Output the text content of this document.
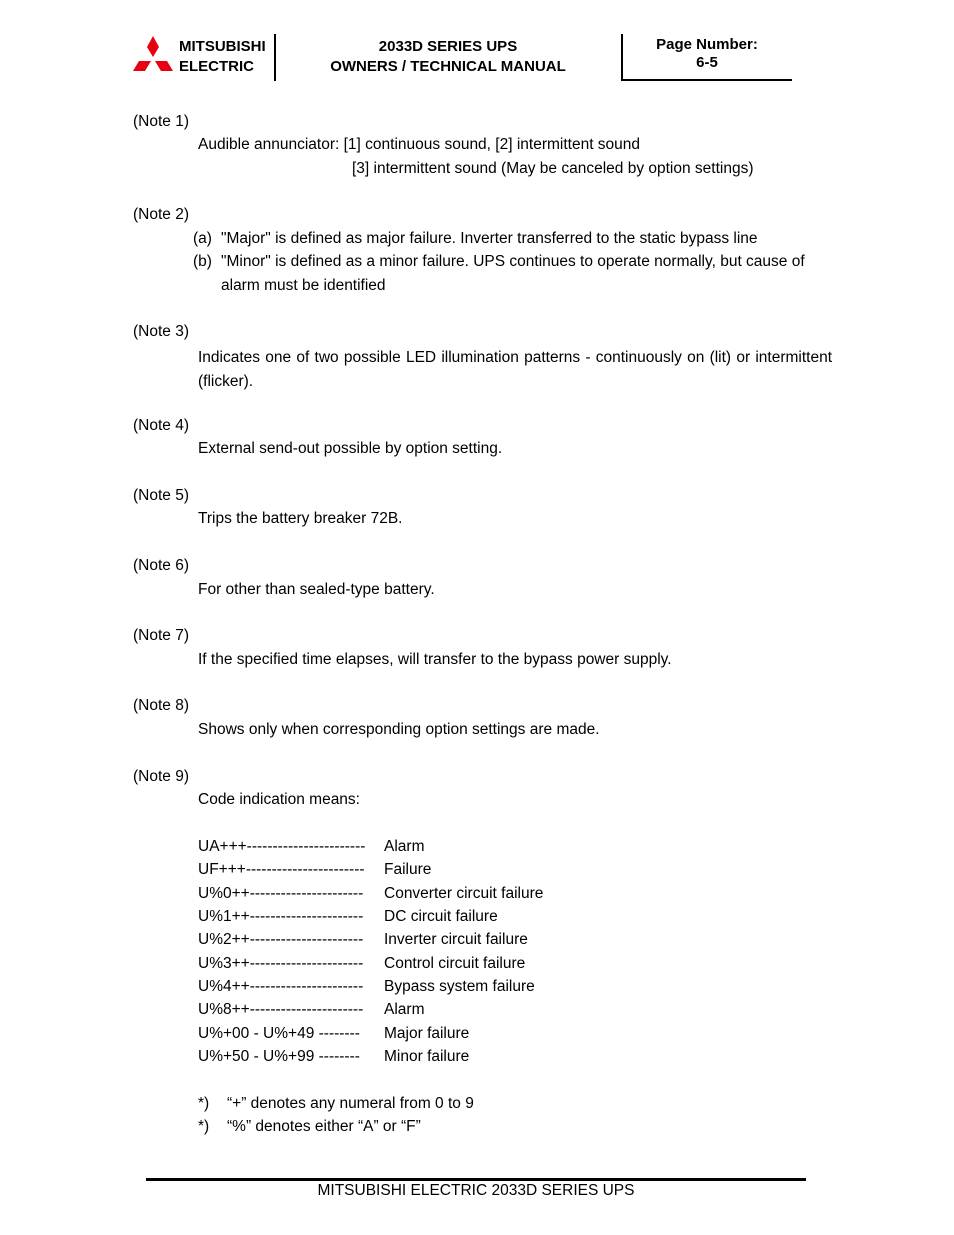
MITSUBISHI
ELECTRIC
2033D SERIES UPS
OWNERS / TECHNICAL MANUAL
Page Number:
6-5
(Note 1)
Audible annunciator: [1] continuous sound, [2] intermittent sound
[3] intermittent sound (May be canceled by option settings)
(Note 2)
(a) "Major" is defined as major failure. Inverter transferred to the static bypass line
(b) "Minor" is defined as a minor failure. UPS continues to operate normally, but cause of
alarm must be identified
(Note 3)
Indicates one of two possible LED illumination patterns - continuously on (lit) or intermittent (flicker).
(Note 4)
External send-out possible by option setting.
(Note 5)
Trips the battery breaker 72B.
(Note 6)
For other than sealed-type battery.
(Note 7)
If the specified time elapses, will transfer to the bypass power supply.
(Note 8)
Shows only when corresponding option settings are made.
(Note 9)
Code indication means:
UA+++----------------------- Alarm
UF+++----------------------- Failure
U%0++---------------------- Converter circuit failure
U%1++---------------------- DC circuit failure
U%2++---------------------- Inverter circuit failure
U%3++---------------------- Control circuit failure
U%4++---------------------- Bypass system failure
U%8++---------------------- Alarm
U%+00 - U%+49 -------- Major failure
U%+50 - U%+99 -------- Minor failure
*) “+” denotes any numeral from 0 to 9
*) “%” denotes either “A” or “F”
MITSUBISHI ELECTRIC 2033D SERIES UPS
